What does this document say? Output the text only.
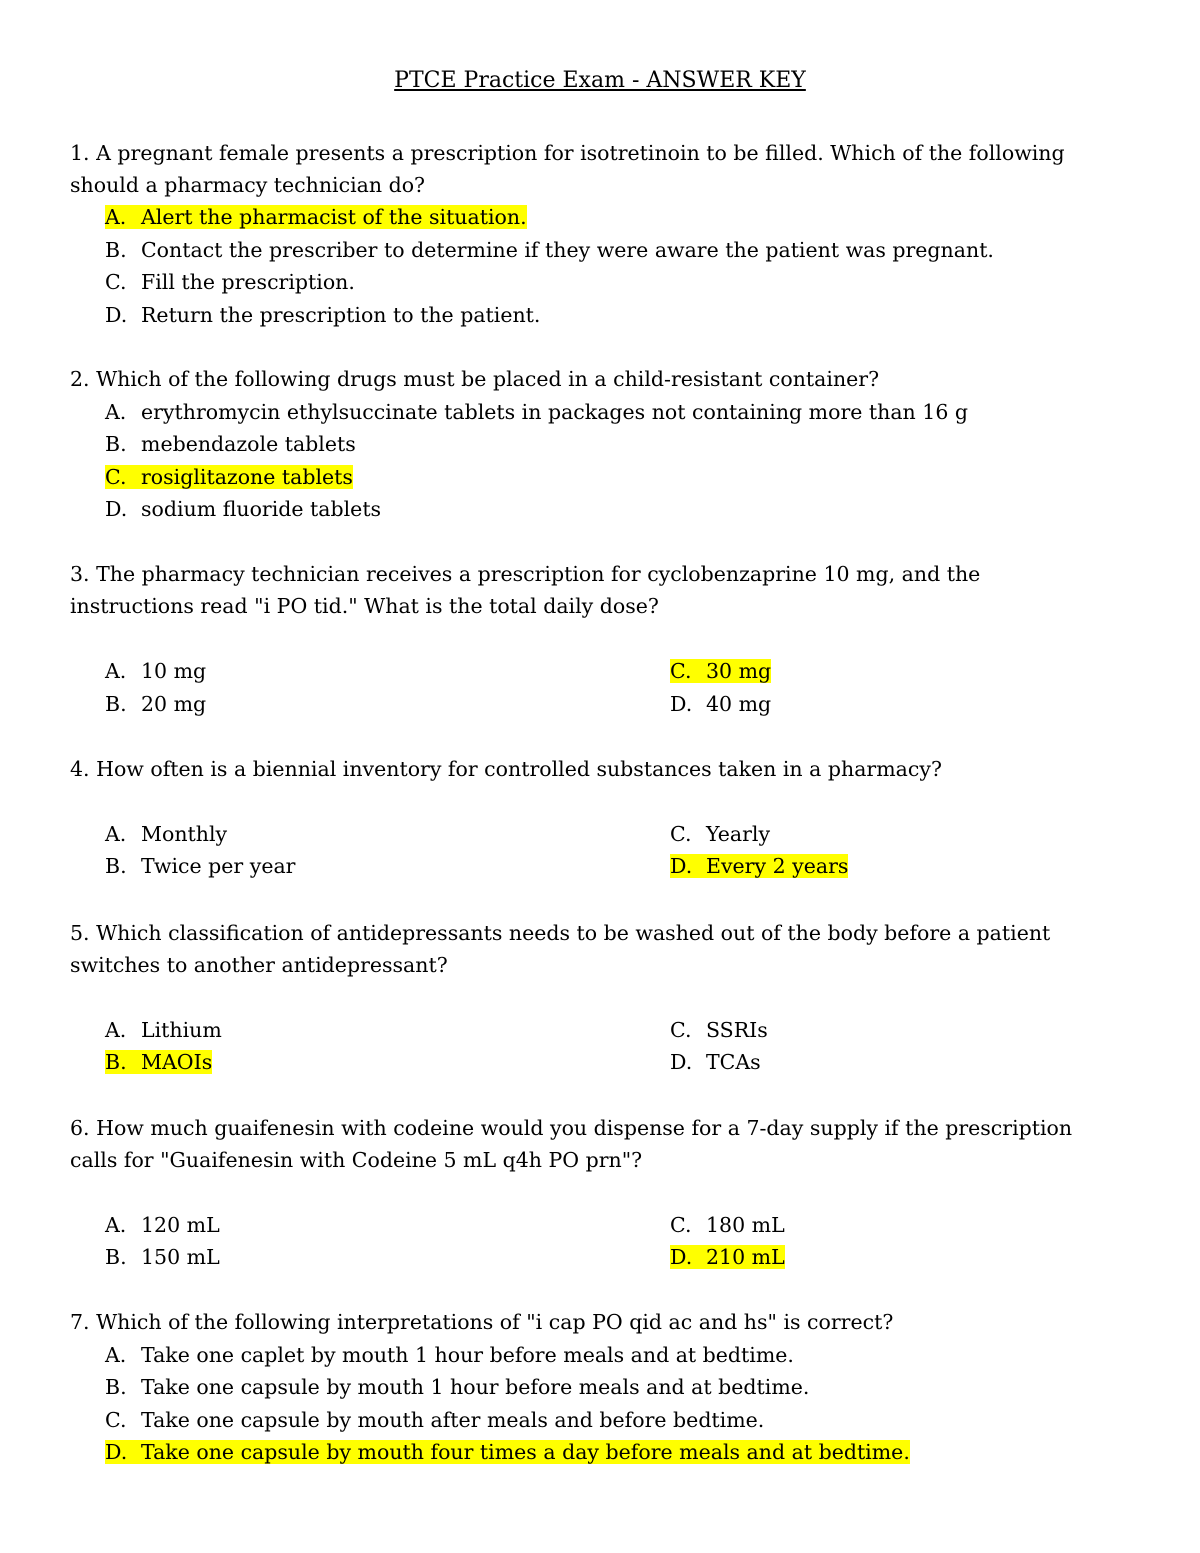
PTCE Practice Exam - ANSWER KEY
1. A pregnant female presents a prescription for isotretinoin to be filled. Which of the following
should a pharmacy technician do?
A. Alert the pharmacist of the situation.
B. Contact the prescriber to determine if they were aware the patient was pregnant.
C. Fill the prescription.
D. Return the prescription to the patient.
2. Which of the following drugs must be placed in a child-resistant container?
A. erythromycin ethylsuccinate tablets in packages not containing more than 16 g
B. mebendazole tablets
C. rosiglitazone tablets
D. sodium fluoride tablets
3. The pharmacy technician receives a prescription for cyclobenzaprine 10 mg, and the
instructions read "i PO tid." What is the total daily dose?
A. 10 mg
B. 20 mg
C. 30 mg
D. 40 mg
4. How often is a biennial inventory for controlled substances taken in a pharmacy?
A. Monthly
B. Twice per year
C. Yearly
D. Every 2 years
5. Which classification of antidepressants needs to be washed out of the body before a patient
switches to another antidepressant?
A. Lithium
B. MAOIs
C. SSRIs
D. TCAs
6. How much guaifenesin with codeine would you dispense for a 7-day supply if the prescription
calls for "Guaifenesin with Codeine 5 mL q4h PO prn"?
A. 120 mL
B. 150 mL
C. 180 mL
D. 210 mL
7. Which of the following interpretations of "i cap PO qid ac and hs" is correct?
A. Take one caplet by mouth 1 hour before meals and at bedtime.
B. Take one capsule by mouth 1 hour before meals and at bedtime.
C. Take one capsule by mouth after meals and before bedtime.
D. Take one capsule by mouth four times a day before meals and at bedtime.
